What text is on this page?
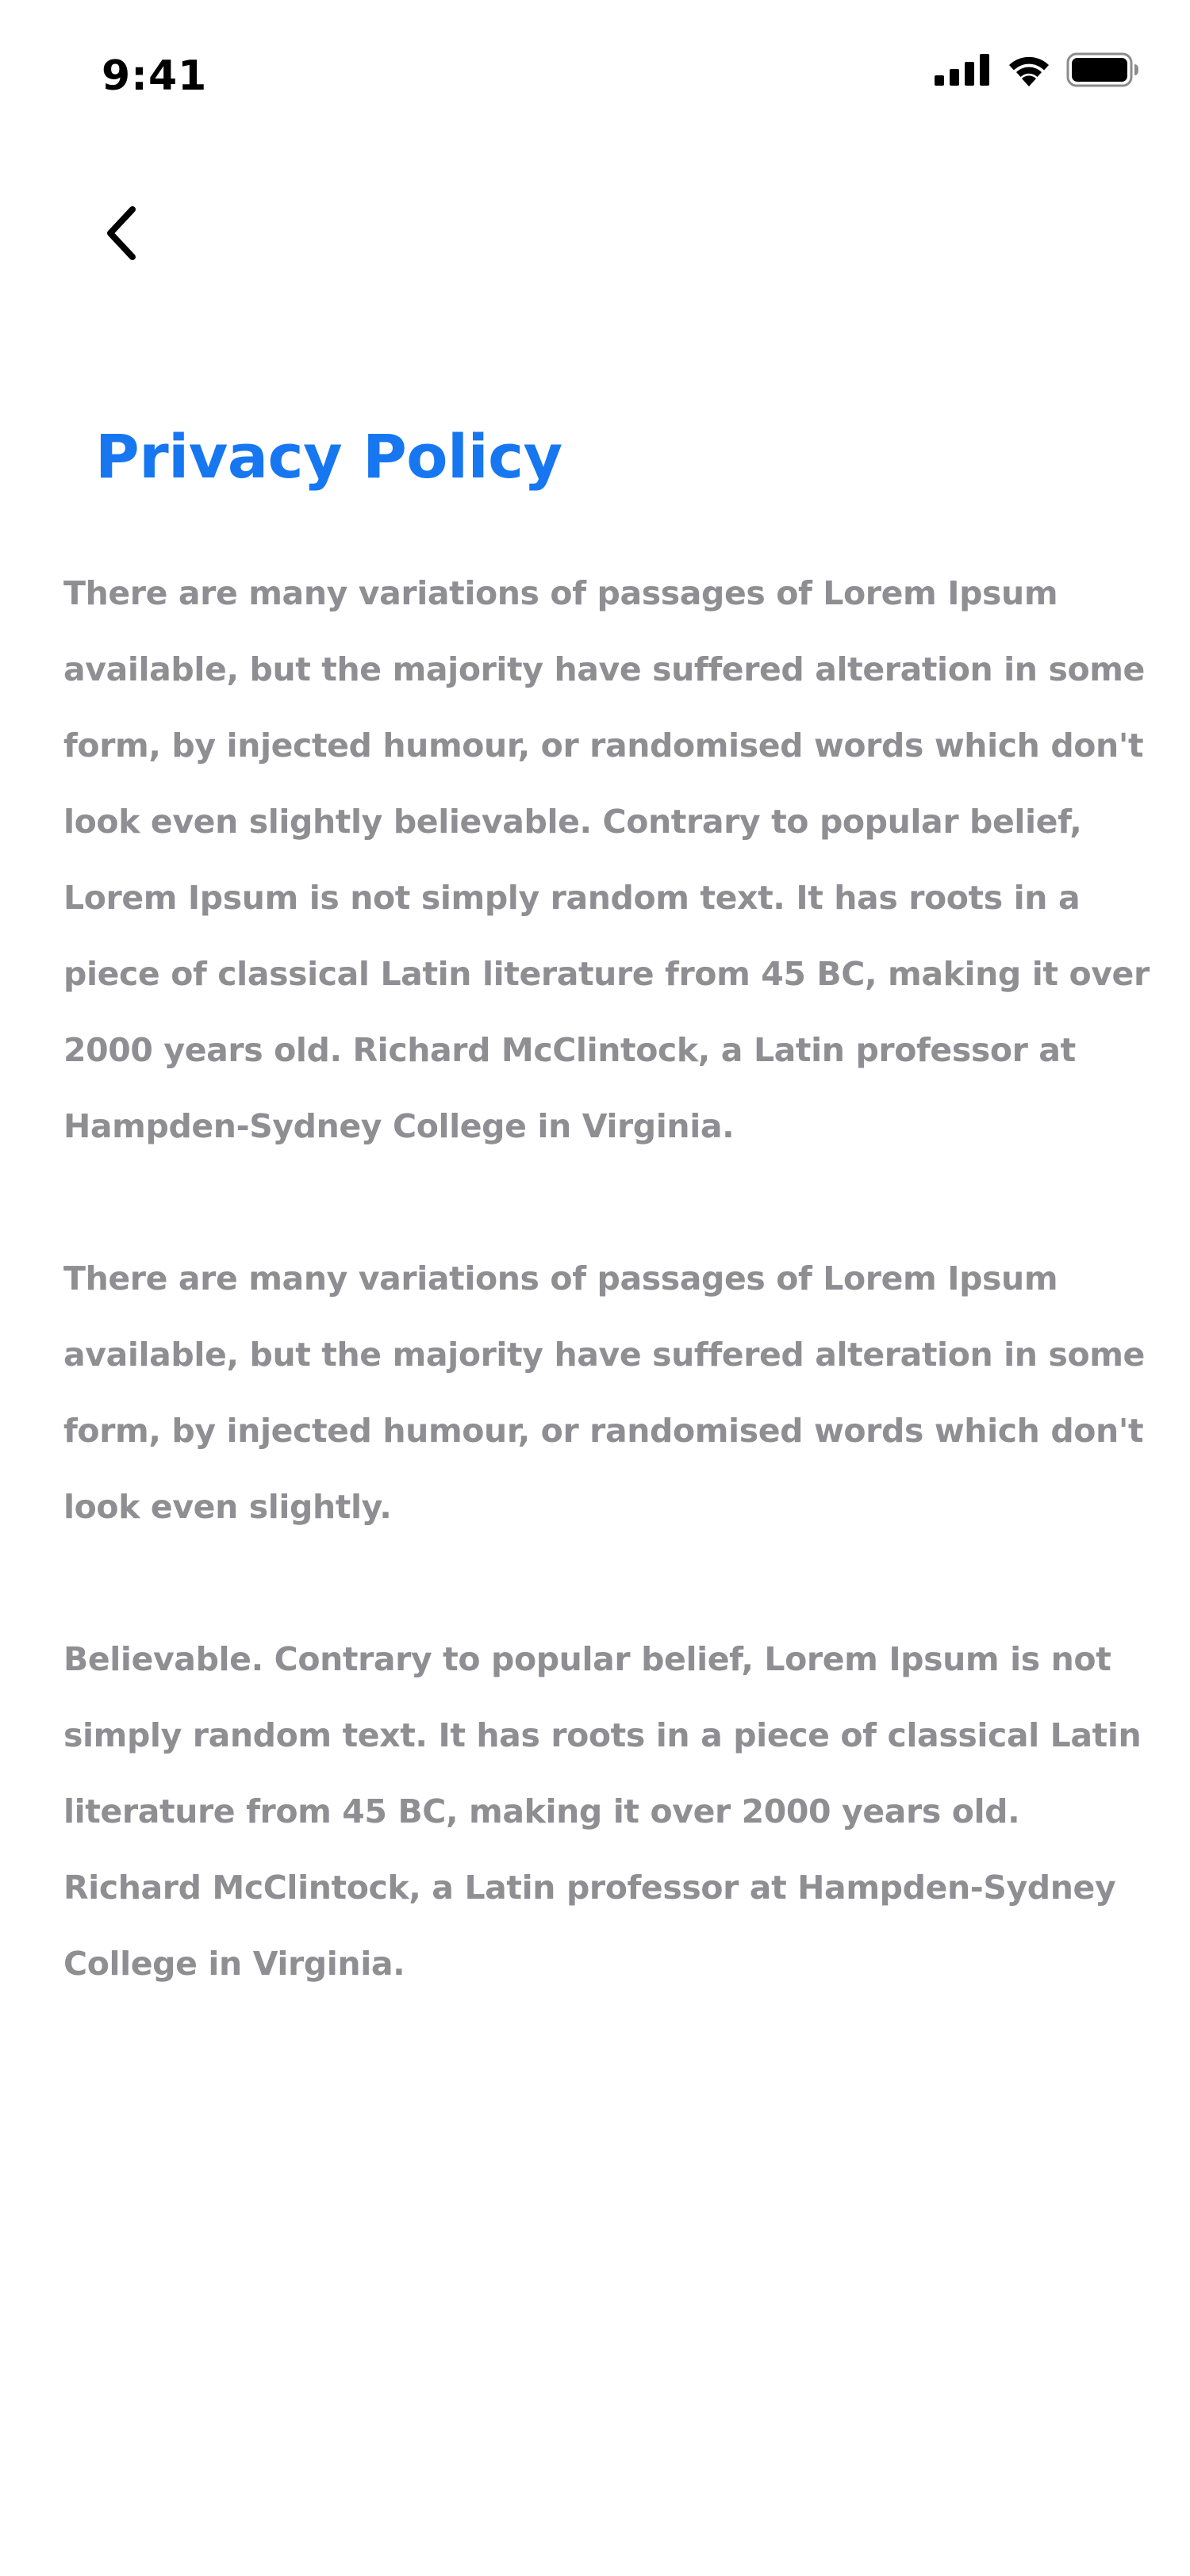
9:41
Privacy Policy

There are many variations of passages of Lorem Ipsum available, but the majority have suffered alteration in some form, by injected humour, or randomised words which don't look even slightly believable. Contrary to popular belief, Lorem Ipsum is not simply random text. It has roots in a piece of classical Latin literature from 45 BC, making it over 2000 years old. Richard McClintock, a Latin professor at Hampden-Sydney College in Virginia.

There are many variations of passages of Lorem Ipsum available, but the majority have suffered alteration in some form, by injected humour, or randomised words which don't look even slightly.

Believable. Contrary to popular belief, Lorem Ipsum is not simply random text. It has roots in a piece of classical Latin literature from 45 BC, making it over 2000 years old. Richard McClintock, a Latin professor at Hampden-Sydney College in Virginia.
